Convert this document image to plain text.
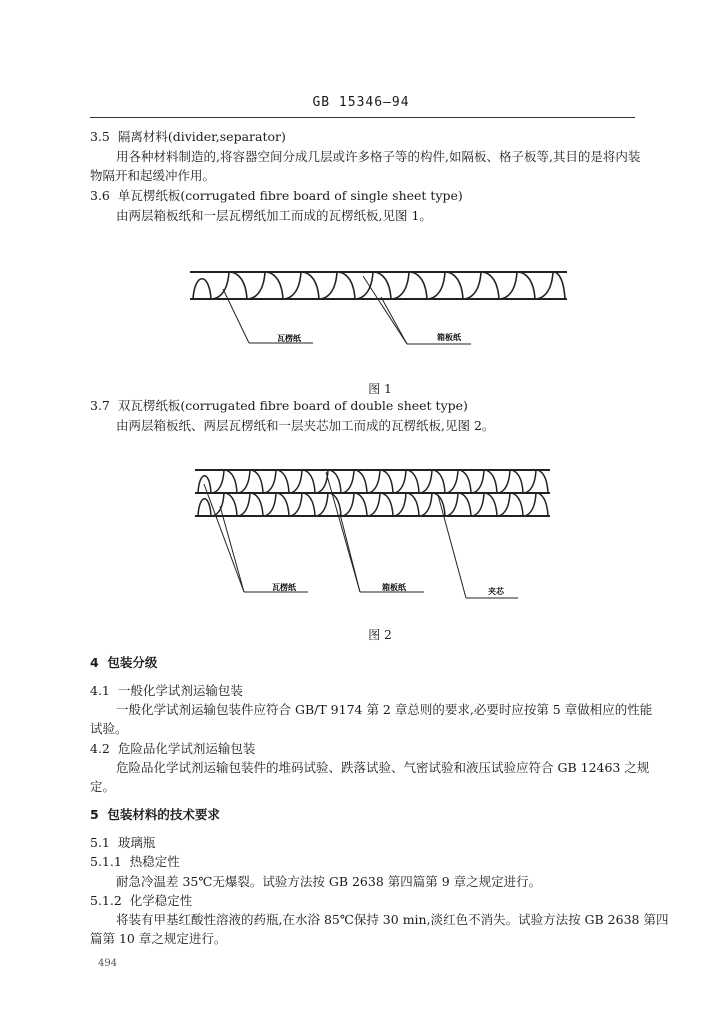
GB 15346—94
3.5 隔离材料(divider,separator)
用各种材料制造的,将容器空间分成几层或许多格子等的构件,如隔板、格子板等,其目的是将内装
物隔开和起缓冲作用。
3.6 单瓦楞纸板(corrugated fibre board of single sheet type)
由两层箱板纸和一层瓦楞纸加工而成的瓦楞纸板,见图 1。
瓦楞纸	箱板纸
图 1
3.7 双瓦楞纸板(corrugated fibre board of double sheet type)
由两层箱板纸、两层瓦楞纸和一层夹芯加工而成的瓦楞纸板,见图 2。
瓦楞纸	箱板纸	夹芯
图 2
4 包装分级
4.1 一般化学试剂运输包装
一般化学试剂运输包装件应符合 GB/T 9174 第 2 章总则的要求,必要时应按第 5 章做相应的性能
试验。
4.2 危险品化学试剂运输包装
危险品化学试剂运输包装件的堆码试验、跌落试验、气密试验和液压试验应符合 GB 12463 之规
定。
5 包装材料的技术要求
5.1 玻璃瓶
5.1.1 热稳定性
耐急冷温差 35℃无爆裂。试验方法按 GB 2638 第四篇第 9 章之规定进行。
5.1.2 化学稳定性
将装有甲基红酸性溶液的药瓶,在水浴 85℃保持 30 min,淡红色不消失。试验方法按 GB 2638 第四
篇第 10 章之规定进行。
494
